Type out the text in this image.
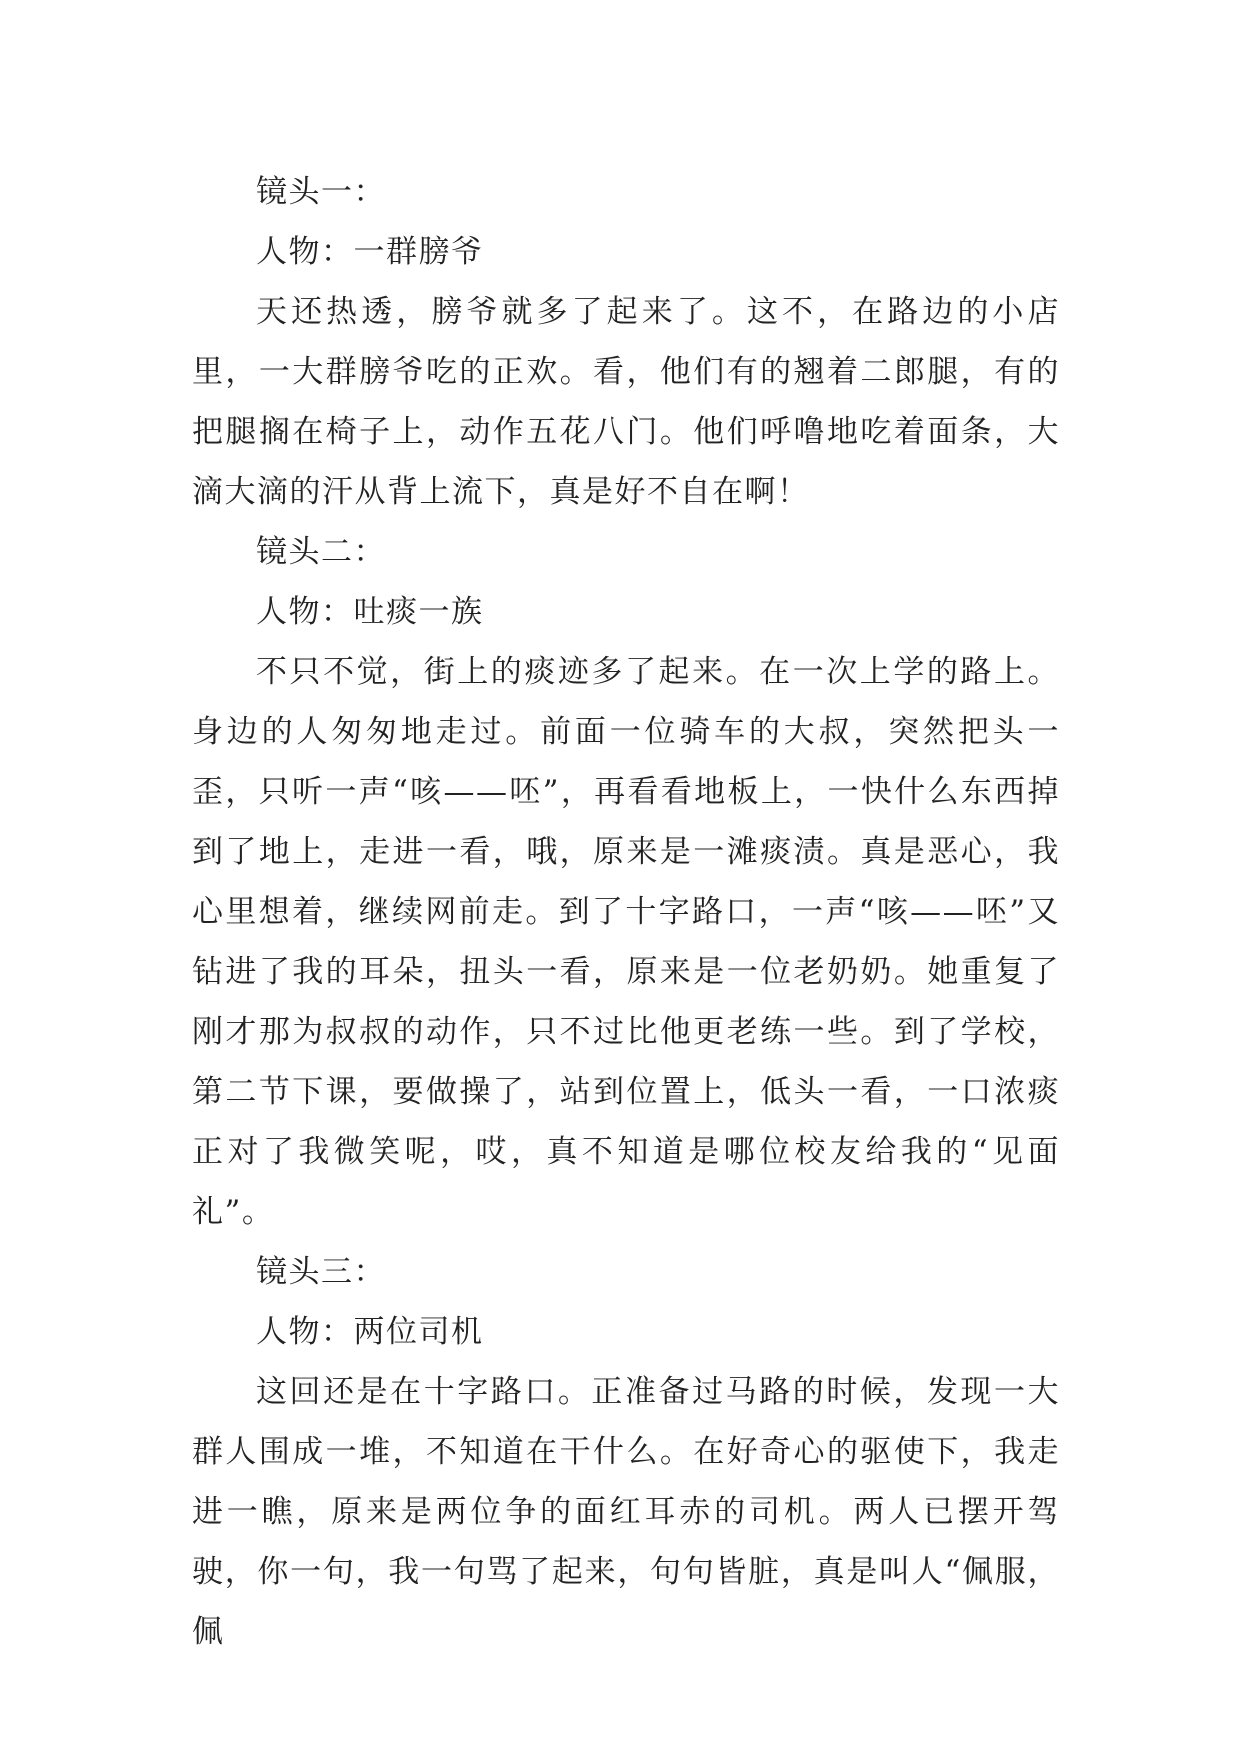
镜头一：

人物：一群膀爷

天还热透，膀爷就多了起来了。这不，在路边的小店里，一大群膀爷吃的正欢。看，他们有的翘着二郎腿，有的把腿搁在椅子上，动作五花八门。他们呼噜地吃着面条，大滴大滴的汗从背上流下，真是好不自在啊！

镜头二：

人物：吐痰一族

不只不觉，街上的痰迹多了起来。在一次上学的路上。身边的人匆匆地走过。前面一位骑车的大叔，突然把头一歪，只听一声“咳——呸”，再看看地板上，一快什么东西掉到了地上，走进一看，哦，原来是一滩痰渍。真是恶心，我心里想着，继续网前走。到了十字路口，一声“咳——呸”又钻进了我的耳朵，扭头一看，原来是一位老奶奶。她重复了刚才那为叔叔的动作，只不过比他更老练一些。到了学校，第二节下课，要做操了，站到位置上，低头一看，一口浓痰正对了我微笑呢，哎，真不知道是哪位校友给我的“见面礼”。

镜头三：

人物：两位司机

这回还是在十字路口。正准备过马路的时候，发现一大群人围成一堆，不知道在干什么。在好奇心的驱使下，我走进一瞧，原来是两位争的面红耳赤的司机。两人已摆开驾驶，你一句，我一句骂了起来，句句皆脏，真是叫人“佩服，佩
